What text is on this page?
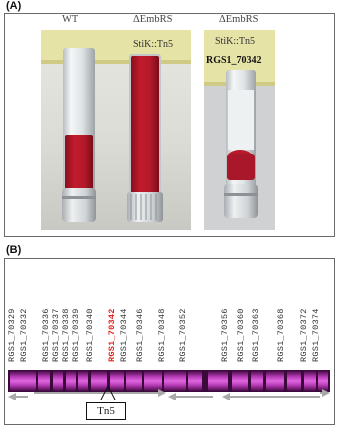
(A)
WT	ΔEmbRS	ΔEmbRS
StiK::Tn5	StiK::Tn5
RGS1_70342
(B)
RGS1_70329 RGS1_70332 RGS1_70336 RGS1_70337 RGS1_70338 RGS1_70339 RGS1_70340 RGS1_70342 RGS1_70344 RGS1_70346 RGS1_70348 RGS1_70352	RGS1_70356 RGS1_70360 RGS1_70363 RGS1_70368 RGS1_70372 RGS1_70374
Tn5
